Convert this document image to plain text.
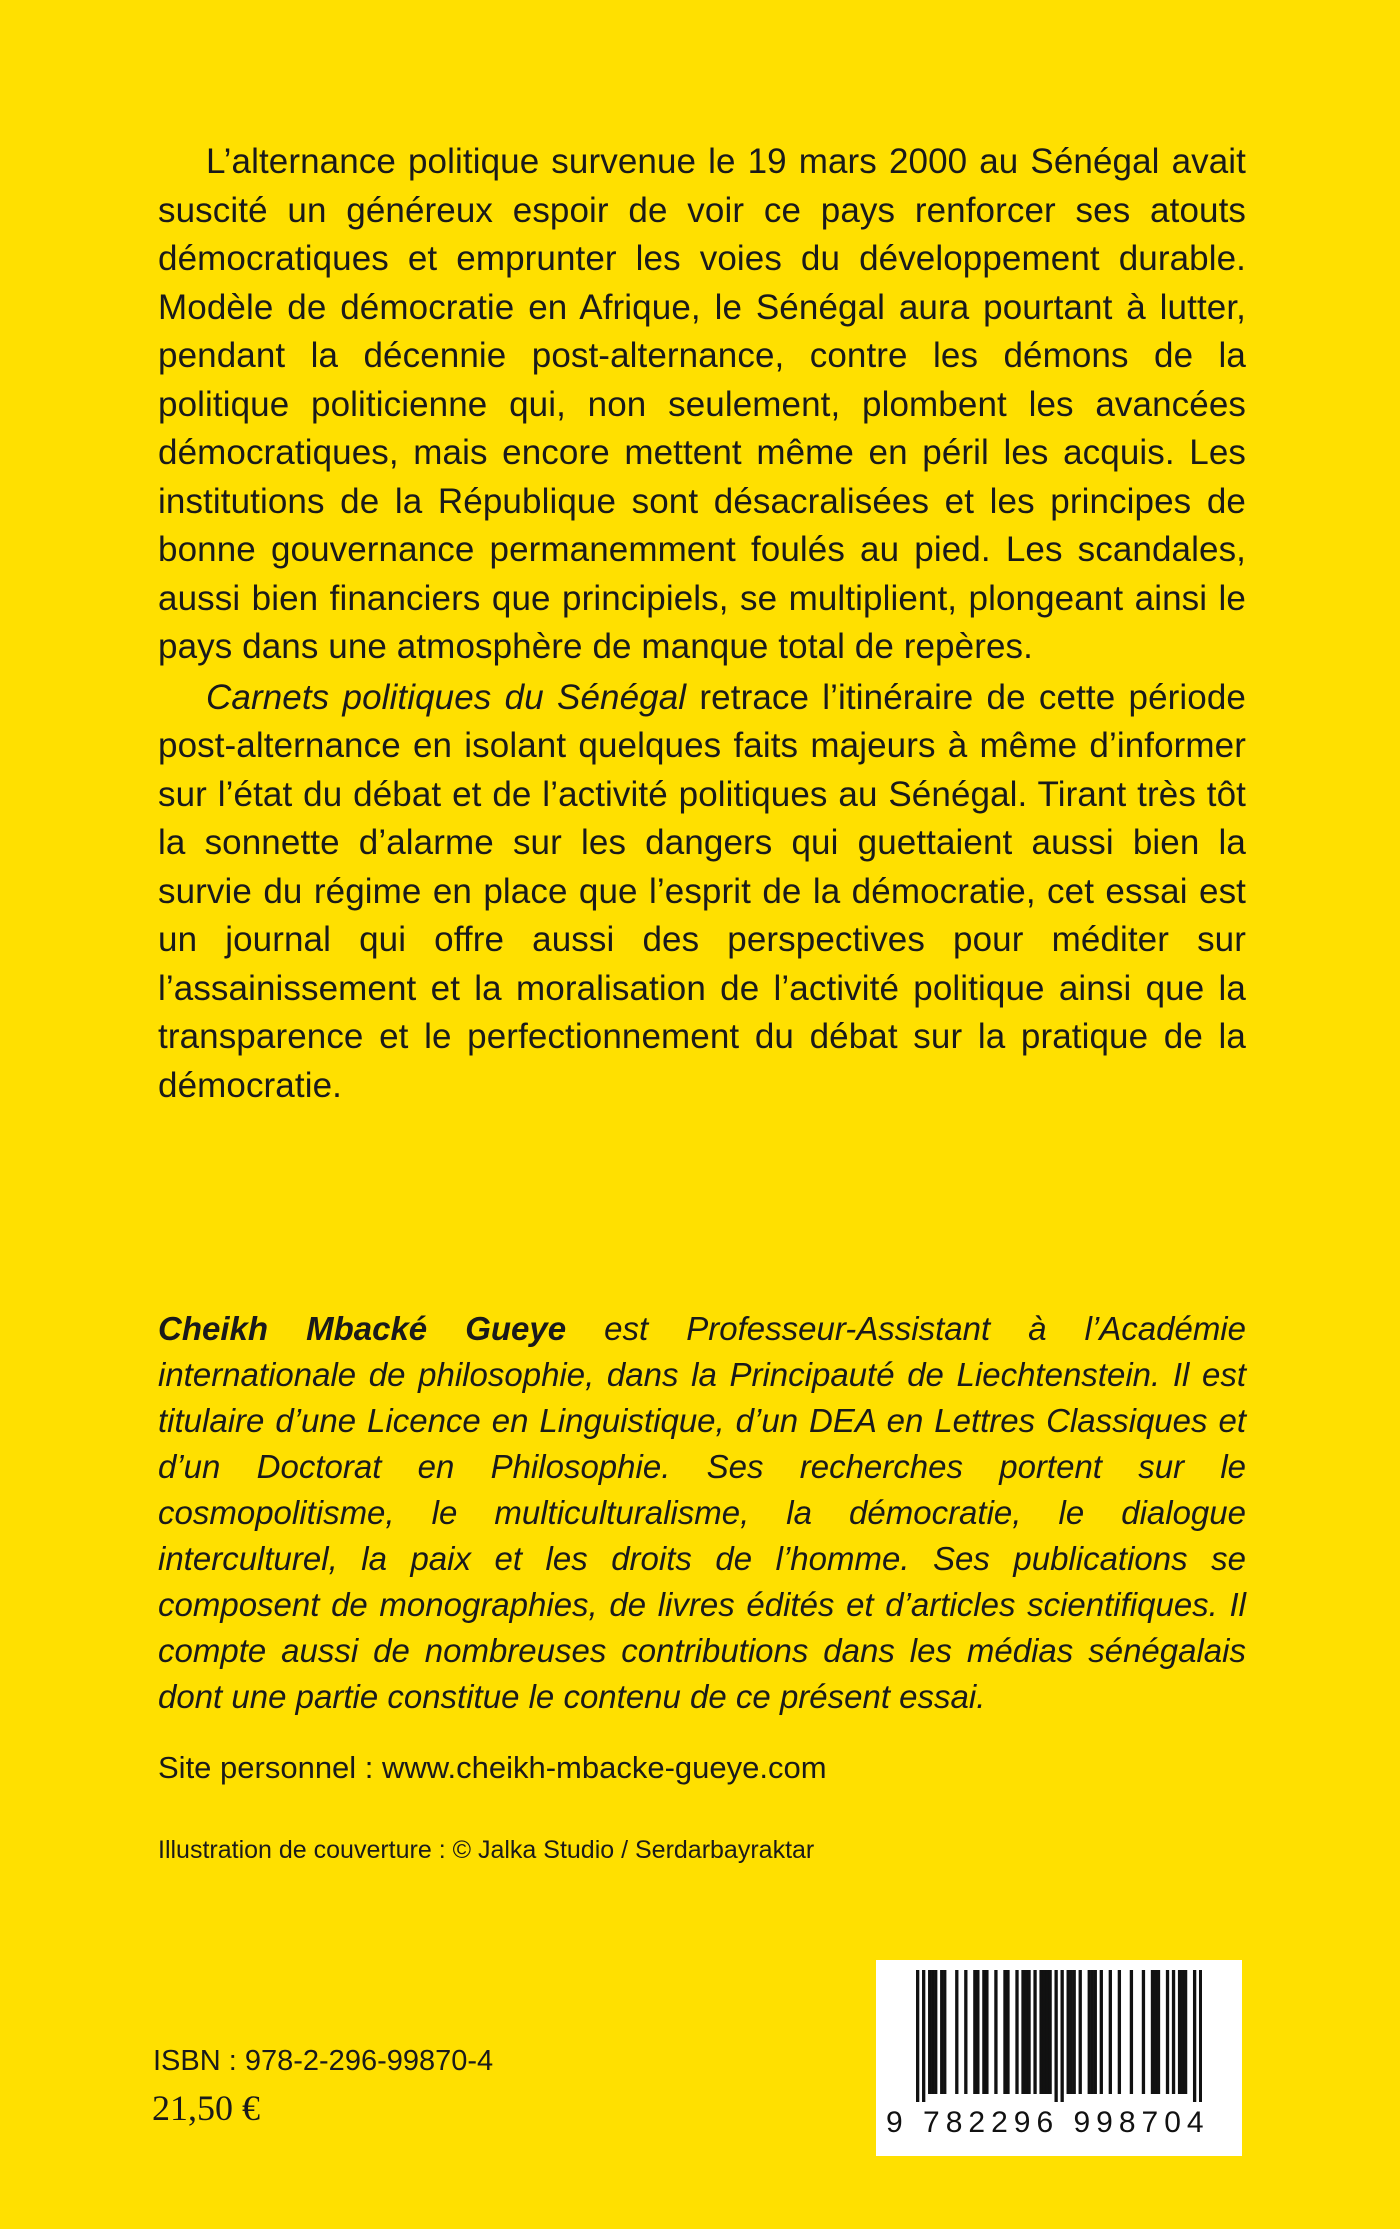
L’alternance politique survenue le 19 mars 2000 au Sénégal avait suscité un généreux espoir de voir ce pays renforcer ses atouts démocratiques et emprunter les voies du développement durable. Modèle de démocratie en Afrique, le Sénégal aura pourtant à lutter, pendant la décennie post-alternance, contre les démons de la politique politicienne qui, non seulement, plombent les avancées démocratiques, mais encore mettent même en péril les acquis. Les institutions de la République sont désacralisées et les principes de bonne gouvernance permanemment foulés au pied. Les scandales, aussi bien financiers que principiels, se multiplient, plongeant ainsi le pays dans une atmosphère de manque total de repères.

Carnets politiques du Sénégal retrace l’itinéraire de cette période post-alternance en isolant quelques faits majeurs à même d’informer sur l’état du débat et de l’activité politiques au Sénégal. Tirant très tôt la sonnette d’alarme sur les dangers qui guettaient aussi bien la survie du régime en place que l’esprit de la démocratie, cet essai est un journal qui offre aussi des perspectives pour méditer sur l’assainissement et la moralisation de l’activité politique ainsi que la transparence et le perfectionnement du débat sur la pratique de la démocratie.

Cheikh Mbacké Gueye est Professeur-Assistant à l’Académie internationale de philosophie, dans la Principauté de Liechtenstein. Il est titulaire d’une Licence en Linguistique, d’un DEA en Lettres Classiques et d’un Doctorat en Philosophie. Ses recherches portent sur le cosmopolitisme, le multiculturalisme, la démocratie, le dialogue interculturel, la paix et les droits de l’homme. Ses publications se composent de monographies, de livres édités et d’articles scientifiques. Il compte aussi de nombreuses contributions dans les médias sénégalais dont une partie constitue le contenu de ce présent essai.

Site personnel : www.cheikh-mbacke-gueye.com

Illustration de couverture : © Jalka Studio / Serdarbayraktar

ISBN : 978-2-296-99870-4

21,50 €	9 782296 998704
